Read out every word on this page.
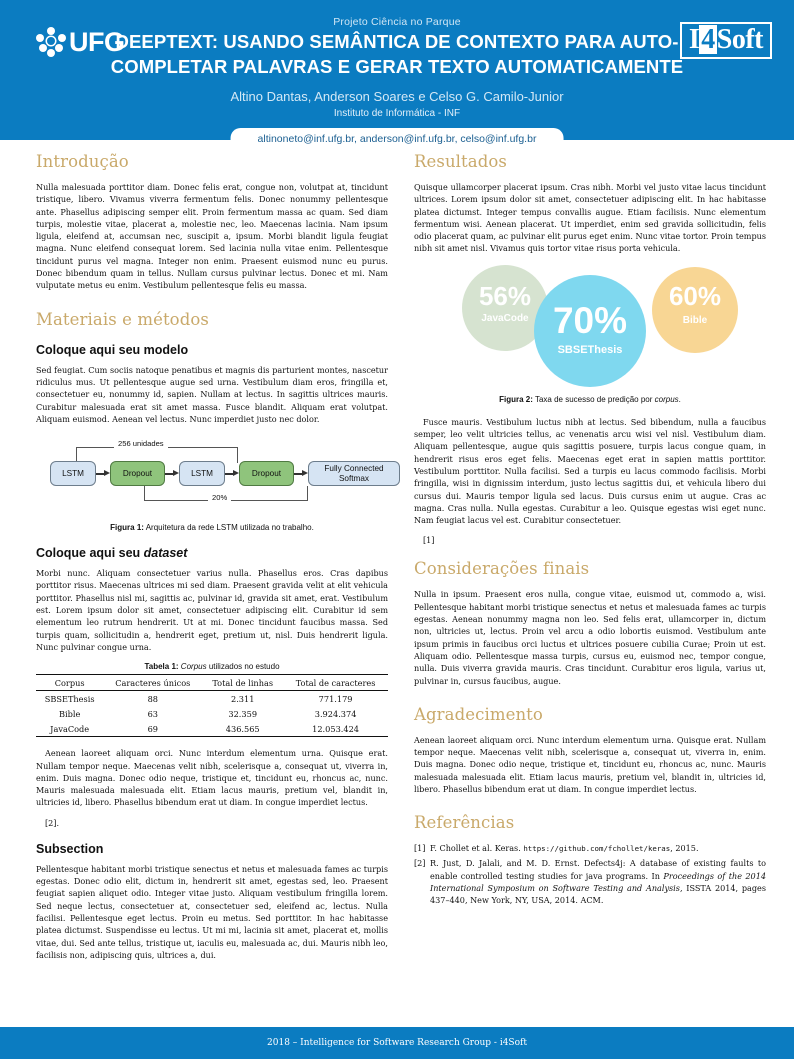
Projeto Ciência no Parque
UFG	I4Soft
DEEPTEXT: USANDO SEMÂNTICA DE CONTEXTO PARA AUTO-COMPLETAR PALAVRAS E GERAR TEXTO AUTOMATICAMENTE
Altino Dantas, Anderson Soares e Celso G. Camilo-Junior
Instituto de Informática - INF
altinoneto@inf.ufg.br, anderson@inf.ufg.br, celso@inf.ufg.br
Introdução

Nulla malesuada porttitor diam. Donec felis erat, congue non, volutpat at, tincidunt tristique, libero. Vivamus viverra fermentum felis. Donec nonummy pellentesque ante. Phasellus adipiscing semper elit. Proin fermentum massa ac quam. Sed diam turpis, molestie vitae, placerat a, molestie nec, leo. Maecenas lacinia. Nam ipsum ligula, eleifend at, accumsan nec, suscipit a, ipsum. Morbi blandit ligula feugiat magna. Nunc eleifend consequat lorem. Sed lacinia nulla vitae enim. Pellentesque tincidunt purus vel magna. Integer non enim. Praesent euismod nunc eu purus. Donec bibendum quam in tellus. Nullam cursus pulvinar lectus. Donec et mi. Nam vulputate metus eu enim. Vestibulum pellentesque felis eu massa.

Materiais e métodos
Coloque aqui seu modelo

Sed feugiat. Cum sociis natoque penatibus et magnis dis parturient montes, nascetur ridiculus mus. Ut pellentesque augue sed urna. Vestibulum diam eros, fringilla et, consectetuer eu, nonummy id, sapien. Nullam at lectus. In sagittis ultrices mauris. Curabitur malesuada erat sit amet massa. Fusce blandit. Aliquam erat volutpat. Aliquam euismod. Aenean vel lectus. Nunc imperdiet justo nec dolor.

256 unidades
LSTM	Dropout	LSTM	Dropout
Fully Connected
Softmax
20%
Figura 1: Arquitetura da rede LSTM utilizada no trabalho.
Coloque aqui seu dataset

Morbi nunc. Aliquam consectetuer varius nulla. Phasellus eros. Cras dapibus porttitor risus. Maecenas ultrices mi sed diam. Praesent gravida velit at elit vehicula porttitor. Phasellus nisl mi, sagittis ac, pulvinar id, gravida sit amet, erat. Vestibulum est. Lorem ipsum dolor sit amet, consectetuer adipiscing elit. Curabitur id sem elementum leo rutrum hendrerit. Ut at mi. Donec tincidunt faucibus massa. Sed turpis quam, sollicitudin a, hendrerit eget, pretium ut, nisl. Duis hendrerit ligula. Nunc pulvinar congue urna.

Tabela 1: Corpus utilizados no estudo
Corpus	Caracteres únicos	Total de linhas	Total de caracteres
SBSEThesis	88	2.311	771.179
Bible	63	32.359	3.924.374
JavaCode	69	436.565	12.053.424

Aenean laoreet aliquam orci. Nunc interdum elementum urna. Quisque erat. Nullam tempor neque. Maecenas velit nibh, scelerisque a, consequat ut, viverra in, enim. Duis magna. Donec odio neque, tristique et, tincidunt eu, rhoncus ac, nunc. Mauris malesuada malesuada elit. Etiam lacus mauris, pretium vel, blandit in, ultricies id, libero. Phasellus bibendum erat ut diam. In congue imperdiet lectus.

[2].

Subsection

Pellentesque habitant morbi tristique senectus et netus et malesuada fames ac turpis egestas. Donec odio elit, dictum in, hendrerit sit amet, egestas sed, leo. Praesent feugiat sapien aliquet odio. Integer vitae justo. Aliquam vestibulum fringilla lorem. Sed neque lectus, consectetuer at, consectetuer sed, eleifend ac, lectus. Nulla facilisi. Pellentesque eget lectus. Proin eu metus. Sed porttitor. In hac habitasse platea dictumst. Suspendisse eu lectus. Ut mi mi, lacinia sit amet, placerat et, mollis vitae, dui. Sed ante tellus, tristique ut, iaculis eu, malesuada ac, dui. Mauris nibh leo, facilisis non, adipiscing quis, ultrices a, dui.

Resultados

Quisque ullamcorper placerat ipsum. Cras nibh. Morbi vel justo vitae lacus tincidunt ultrices. Lorem ipsum dolor sit amet, consectetuer adipiscing elit. In hac habitasse platea dictumst. Integer tempus convallis augue. Etiam facilisis. Nunc elementum fermentum wisi. Aenean placerat. Ut imperdiet, enim sed gravida sollicitudin, felis odio placerat quam, ac pulvinar elit purus eget enim. Nunc vitae tortor. Proin tempus nibh sit amet nisl. Vivamus quis tortor vitae risus porta vehicula.

56%
JavaCode
60%
Bible
70%
SBSEThesis
Figura 2: Taxa de sucesso de predição por corpus.

Fusce mauris. Vestibulum luctus nibh at lectus. Sed bibendum, nulla a faucibus semper, leo velit ultricies tellus, ac venenatis arcu wisi vel nisl. Vestibulum diam. Aliquam pellentesque, augue quis sagittis posuere, turpis lacus congue quam, in hendrerit risus eros eget felis. Maecenas eget erat in sapien mattis porttitor. Vestibulum porttitor. Nulla facilisi. Sed a turpis eu lacus commodo facilisis. Morbi fringilla, wisi in dignissim interdum, justo lectus sagittis dui, et vehicula libero dui cursus dui. Mauris tempor ligula sed lacus. Duis cursus enim ut augue. Cras ac magna. Cras nulla. Nulla egestas. Curabitur a leo. Quisque egestas wisi eget nunc. Nam feugiat lacus vel est. Curabitur consectetuer.

[1]

Considerações finais

Nulla in ipsum. Praesent eros nulla, congue vitae, euismod ut, commodo a, wisi. Pellentesque habitant morbi tristique senectus et netus et malesuada fames ac turpis egestas. Aenean nonummy magna non leo. Sed felis erat, ullamcorper in, dictum non, ultricies ut, lectus. Proin vel arcu a odio lobortis euismod. Vestibulum ante ipsum primis in faucibus orci luctus et ultrices posuere cubilia Curae; Proin ut est. Aliquam odio. Pellentesque massa turpis, cursus eu, euismod nec, tempor congue, nulla. Duis viverra gravida mauris. Cras tincidunt. Curabitur eros ligula, varius ut, pulvinar in, cursus faucibus, augue.

Agradecimento

Aenean laoreet aliquam orci. Nunc interdum elementum urna. Quisque erat. Nullam tempor neque. Maecenas velit nibh, scelerisque a, consequat ut, viverra in, enim. Duis magna. Donec odio neque, tristique et, tincidunt eu, rhoncus ac, nunc. Mauris malesuada malesuada elit. Etiam lacus mauris, pretium vel, blandit in, ultricies id, libero. Phasellus bibendum erat ut diam. In congue imperdiet lectus.

Referências
[1] F. Chollet et al. Keras. https://github.com/fchollet/keras, 2015.
[2] R. Just, D. Jalali, and M. D. Ernst. Defects4j: A database of existing faults to enable controlled testing studies for java programs. In Proceedings of the 2014 International Symposium on Software Testing and Analysis, ISSTA 2014, pages 437–440, New York, NY, USA, 2014. ACM.
2018 – Intelligence for Software Research Group - i4Soft
